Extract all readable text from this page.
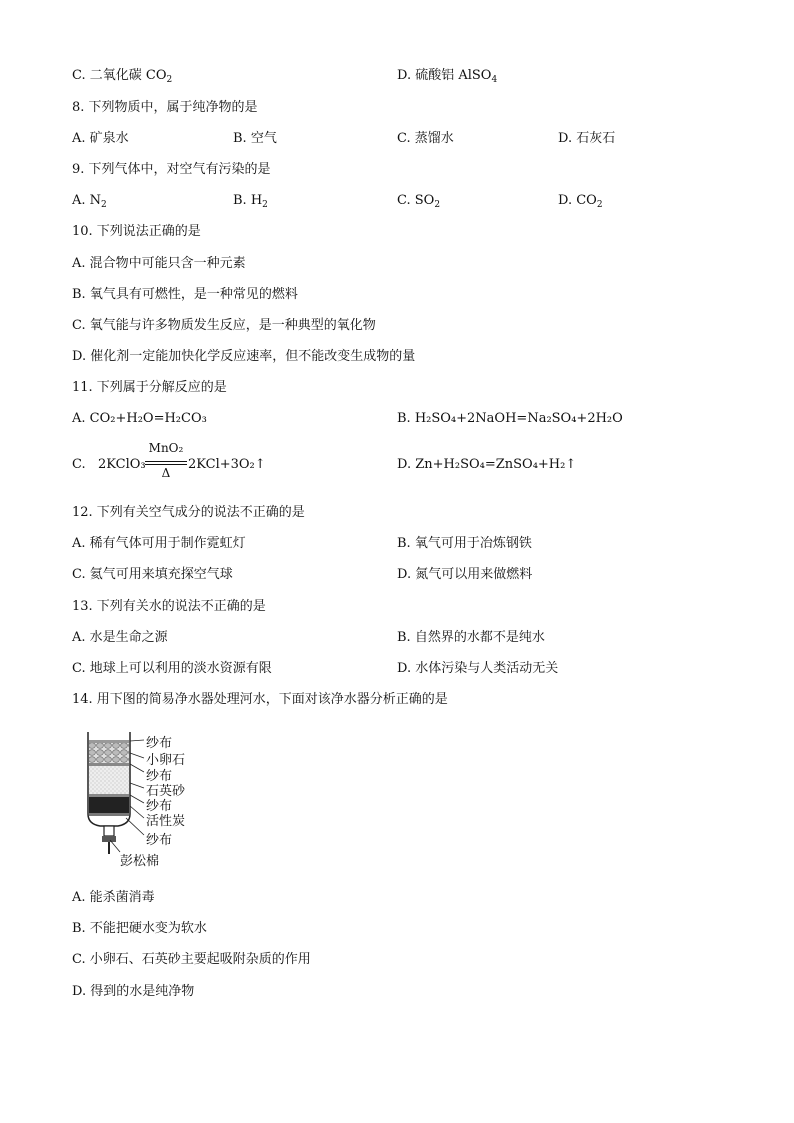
C. 二氧化碳 $CO_2$	D. 硫酸铝 AlSO$_4$
8. 下列物质中，属于纯净物的是
A. 矿泉水	B. 空气	C. 蒸馏水	D. 石灰石
9. 下列气体中，对空气有污染的是
A. $N_2$	B. $H_2$	C. $SO_2$	D. $CO_2$
10. 下列说法正确的是
A. 混合物中可能只含一种元素
B. 氧气具有可燃性，是一种常见的燃料
C. 氧气能与许多物质发生反应，是一种典型的氧化物
D. 催化剂一定能加快化学反应速率，但不能改变生成物的量
11. 下列属于分解反应的是
A. CO₂+H₂O=H₂CO₃	B. H₂SO₄+2NaOH=Na₂SO₄+2H₂O
C. 2KClO₃
MnO₂
Δ
2KCl+3O₂↑	D. Zn+H₂SO₄=ZnSO₄+H₂↑
12. 下列有关空气成分的说法不正确的是
A. 稀有气体可用于制作霓虹灯	B. 氧气可用于冶炼钢铁
C. 氦气可用来填充探空气球	D. 氮气可以用来做燃料
13. 下列有关水的说法不正确的是
A. 水是生命之源	B. 自然界的水都不是纯水
C. 地球上可以利用的淡水资源有限	D. 水体污染与人类活动无关
14. 用下图的简易净水器处理河水，下面对该净水器分析正确的是
纱布
小卵石
纱布
石英砂
纱布
活性炭
纱布
彭松棉
A. 能杀菌消毒
B. 不能把硬水变为软水
C. 小卵石、石英砂主要起吸附杂质的作用
D. 得到的水是纯净物
